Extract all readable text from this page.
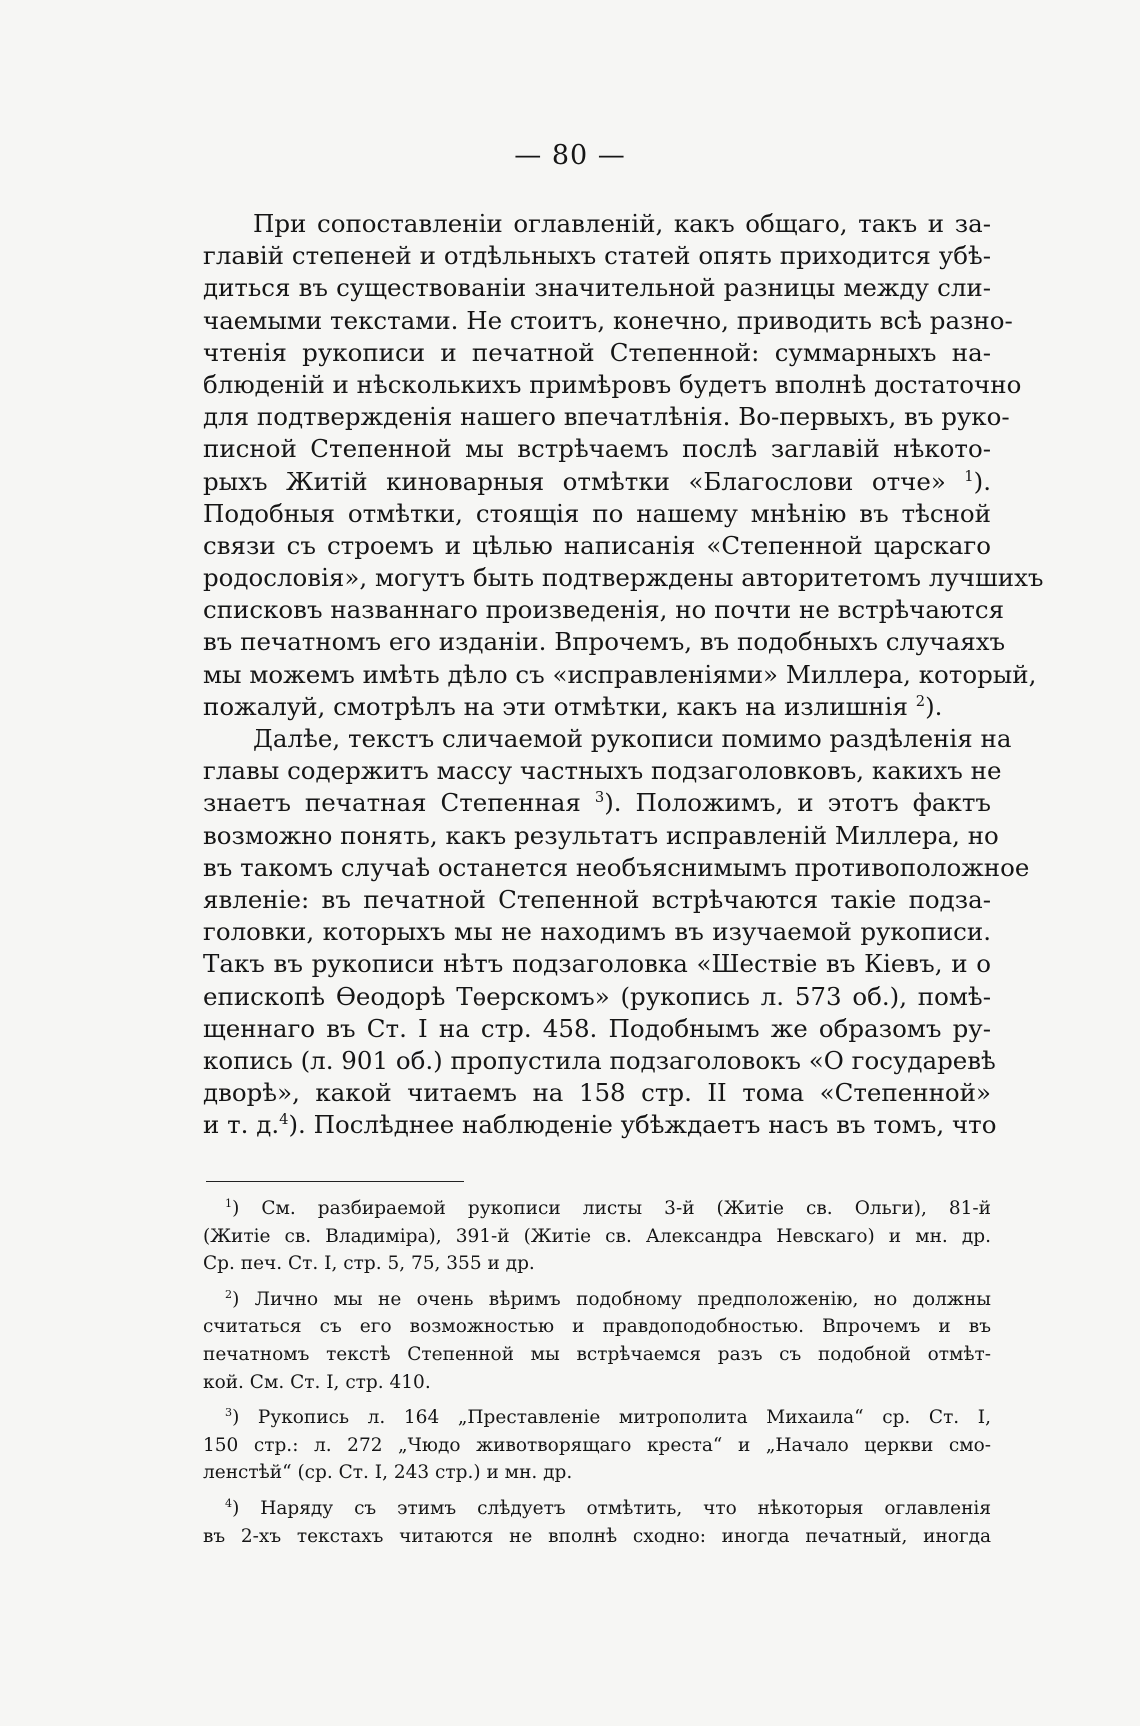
— 80 —
При сопоставленіи оглавленій, какъ общаго, такъ и за-
главій степеней и отдѣльныхъ статей опять приходится убѣ-
диться въ существованіи значительной разницы между сли-
чаемыми текстами. Не стоитъ, конечно, приводить всѣ разно-
чтенія рукописи и печатной Степенной: суммарныхъ на-
блюденій и нѣсколькихъ примѣровъ будетъ вполнѣ достаточно
для подтвержденія нашего впечатлѣнія. Во-первыхъ, въ руко-
писной Степенной мы встрѣчаемъ послѣ заглавій нѣкото-
рыхъ Житій киноварныя отмѣтки «Благослови отче» $^1$).
Подобныя отмѣтки, стоящія по нашему мнѣнію въ тѣсной
связи съ строемъ и цѣлью написанія «Степенной царскаго
родословія», могутъ быть подтверждены авторитетомъ лучшихъ
списковъ названнаго произведенія, но почти не встрѣчаются
въ печатномъ его изданіи. Впрочемъ, въ подобныхъ случаяхъ
мы можемъ имѣть дѣло съ «исправленіями» Миллера, который,
пожалуй, смотрѣлъ на эти отмѣтки, какъ на излишнія $^2$).
Далѣе, текстъ сличаемой рукописи помимо раздѣленія на
главы содержитъ массу частныхъ подзаголовковъ, какихъ не
знаетъ печатная Степенная $^3$). Положимъ, и этотъ фактъ
возможно понять, какъ результатъ исправленій Миллера, но
въ такомъ случаѣ останется необъяснимымъ противоположное
явленіе: въ печатной Степенной встрѣчаются такіе подза-
головки, которыхъ мы не находимъ въ изучаемой рукописи.
Такъ въ рукописи нѣтъ подзаголовка «Шествіе въ Кіевъ, и о
епископѣ Ѳеодорѣ Тѳерскомъ» (рукопись л. 573 об.), помѣ-
щеннаго въ Ст. I на стр. 458. Подобнымъ же образомъ ру-
копись (л. 901 об.) пропустила подзаголовокъ «О государевѣ
дворѣ», какой читаемъ на 158 стр. II тома «Степенной»
и т. д.$^4$). Послѣднее наблюденіе убѣждаетъ насъ въ томъ, что
$^1$) См. разбираемой рукописи листы 3-й (Житіе св. Ольги), 81-й
(Житіе св. Владиміра), 391-й (Житіе св. Александра Невскаго) и мн. др.
Ср. печ. Ст. I, стр. 5, 75, 355 и др.
$^2$) Лично мы не очень вѣримъ подобному предположенію, но должны
считаться съ его возможностью и правдоподобностью. Впрочемъ и въ
печатномъ текстѣ Степенной мы встрѣчаемся разъ съ подобной отмѣт-
кой. См. Ст. I, стр. 410.
$^3$) Рукопись л. 164 „Преставленіе митрополита Михаила“ ср. Ст. I,
150 стр.: л. 272 „Чюдо животворящаго креста“ и „Начало церкви смо-
ленстѣй“ (ср. Ст. I, 243 стр.) и мн. др.
$^4$) Наряду съ этимъ слѣдуетъ отмѣтить, что нѣкоторыя оглавленія
въ 2-хъ текстахъ читаются не вполнѣ сходно: иногда печатный, иногда
